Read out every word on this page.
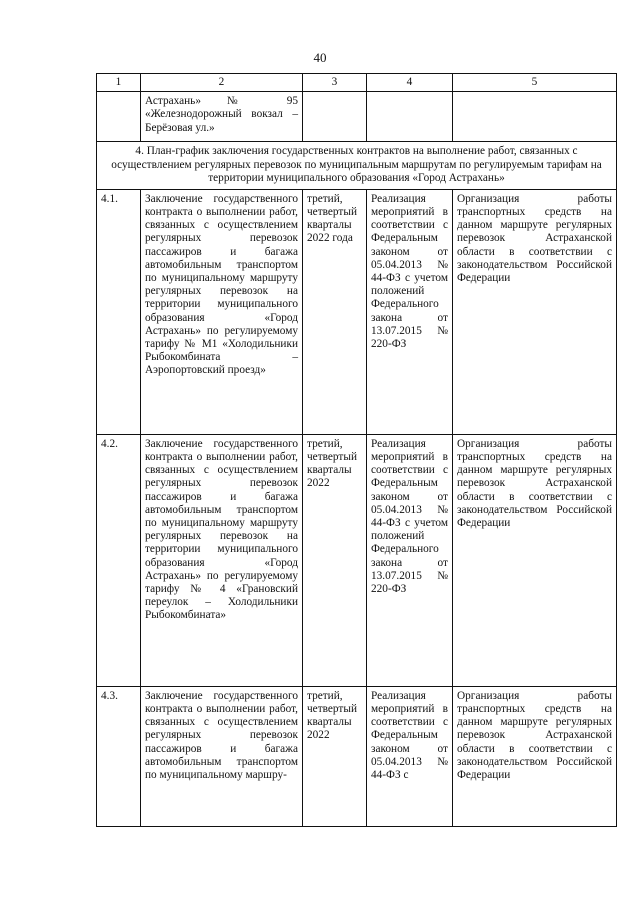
40
1	2	3	4	5
	Астрахань» № 95 «Железнодорожный вокзал – Берёзовая ул.»			
4. План-график заключения государственных контрактов на выполнение работ, связанных с осуществлением регулярных перевозок по муниципальным маршрутам по регулируемым тарифам на территории муниципального образования «Город Астрахань»				
4.1.	Заключение государственного контракта о выполнении работ, связанных с осуществлением регулярных перевозок пассажиров и багажа автомобильным транспортом по муниципальному маршруту регулярных перевозок на территории муниципального образования «Город Астрахань» по регулируемому тарифу № М1 «Холодильники Рыбокомбината – Аэропортовский проезд»	третий, четвертый кварталы 2022 года	Реализация мероприятий в соответствии с Федеральным законом от 05.04.2013 № 44-ФЗ с учетом положений Федерального закона от 13.07.2015 № 220-ФЗ	Организация работы транспортных средств на данном маршруте регулярных перевозок Астраханской области в соответствии с законодательством Российской Федерации
4.2.	Заключение государственного контракта о выполнении работ, связанных с осуществлением регулярных перевозок пассажиров и багажа автомобильным транспортом по муниципальному маршруту регулярных перевозок на территории муниципального образования «Город Астрахань» по регулируемому тарифу № 4 «Грановский переулок – Холодильники Рыбокомбината»	третий, четвертый кварталы 2022	Реализация мероприятий в соответствии с Федеральным законом от 05.04.2013 № 44-ФЗ с учетом положений Федерального закона от 13.07.2015 № 220-ФЗ	Организация работы транспортных средств на данном маршруте регулярных перевозок Астраханской области в соответствии с законодательством Российской Федерации
4.3.	Заключение государственного контракта о выполнении работ, связанных с осуществлением регулярных перевозок пассажиров и багажа автомобильным транспортом по муниципальному маршру-	третий, четвертый кварталы 2022	Реализация мероприятий в соответствии с Федеральным законом от 05.04.2013 № 44-ФЗ с	Организация работы транспортных средств на данном маршруте регулярных перевозок Астраханской области в соответствии с законодательством Российской Федерации
